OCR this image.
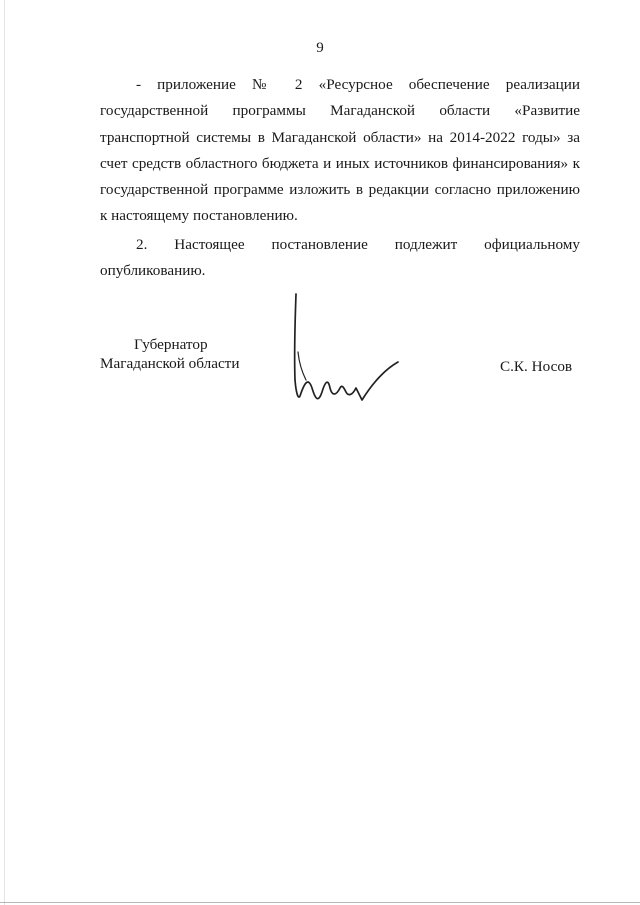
9
- приложение № 2 «Ресурсное обеспечение реализации государственной программы Магаданской области «Развитие транспортной системы в Магаданской области» на 2014-2022 годы» за счет средств областного бюджета и иных источников финансирования» к государственной программе изложить в редакции согласно приложению к настоящему постановлению.
2. Настоящее постановление подлежит официальному опубликованию.
Губернатор
Магаданской области	С.К. Носов
